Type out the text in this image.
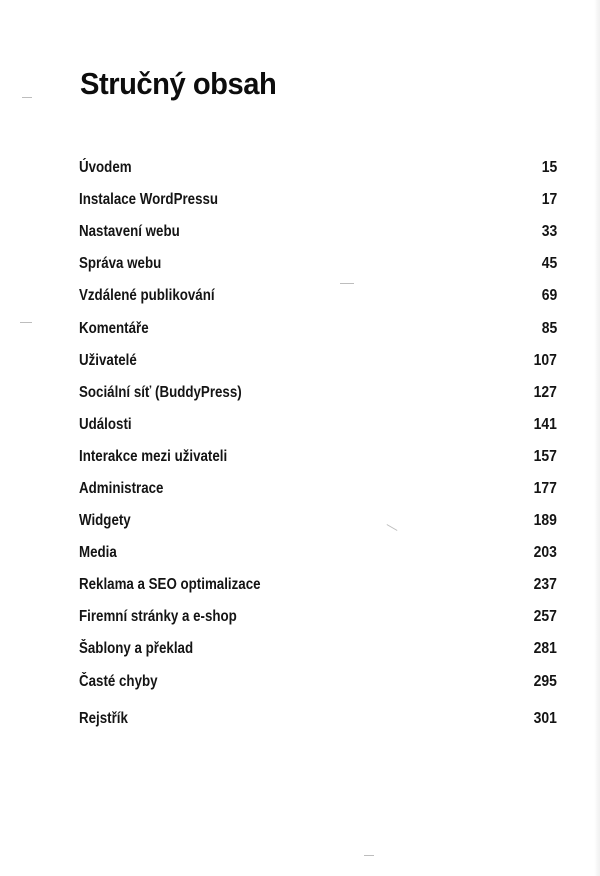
Stručný obsah
Úvodem	15
Instalace WordPressu	17
Nastavení webu	33
Správa webu	45
Vzdálené publikování	69
Komentáře	85
Uživatelé	107
Sociální síť (BuddyPress)	127
Události	141
Interakce mezi uživateli	157
Administrace	177
Widgety	189
Media	203
Reklama a SEO optimalizace	237
Firemní stránky a e-shop	257
Šablony a překlad	281
Časté chyby	295
Rejstřík	301
